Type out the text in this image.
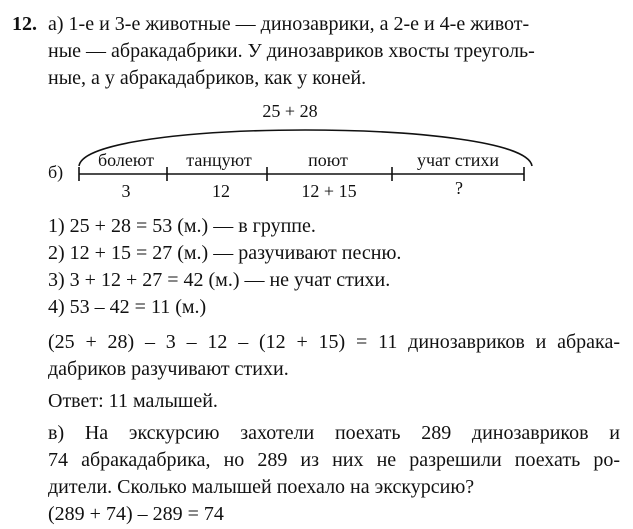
12. а) 1-е и 3-е животные — динозаврики, а 2-е и 4-е живот-
ные — абракадабрики. У динозавриков хвосты треуголь-
ные, а у абракадабриков, как у коней.
25 + 28
б)
болеют танцуют	поют	учат стихи
3	12	12 + 15	?
1) 25 + 28 = 53 (м.) — в группе.
2) 12 + 15 = 27 (м.) — разучивают песню.
3) 3 + 12 + 27 = 42 (м.) — не учат стихи.
4) 53 – 42 = 11 (м.)
(25 + 28) – 3 – 12 – (12 + 15) = 11 динозавриков и абрака-
дабриков разучивают стихи.
Ответ: 11 малышей.
в) На экскурсию захотели поехать 289 динозавриков и
74 абракадабрика, но 289 из них не разрешили поехать ро-
дители. Сколько малышей поехало на экскурсию?
(289 + 74) – 289 = 74
